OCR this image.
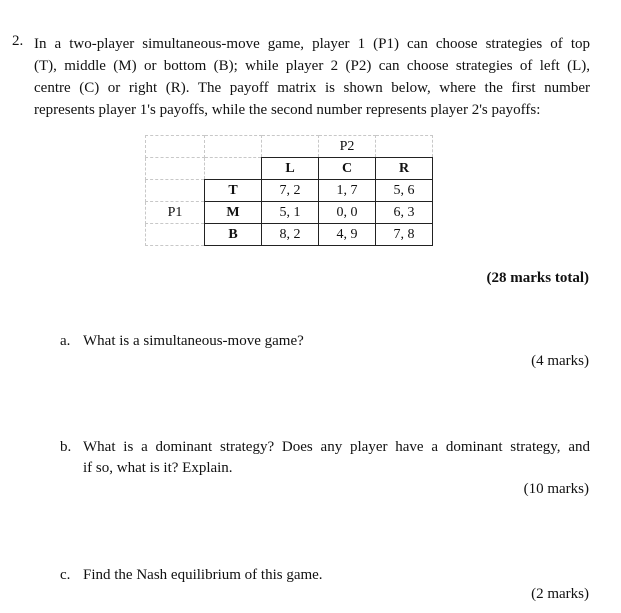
2. In a two-player simultaneous-move game, player 1 (P1) can choose strategies of top
(T), middle (M) or bottom (B); while player 2 (P2) can choose strategies of left (L),
centre (C) or right (R). The payoff matrix is shown below, where the first number
represents player 1's payoffs, while the second number represents player 2's payoffs:
			P2	
		L	C	R
	T	7, 2	1, 7	5, 6
P1	M	5, 1	0, 0	6, 3
	B	8, 2	4, 9	7, 8
(28 marks total)
a. What is a simultaneous-move game?
(4 marks)
b. What is a dominant strategy? Does any player have a dominant strategy, and
if so, what is it? Explain.
(10 marks)
c. Find the Nash equilibrium of this game.
(2 marks)
